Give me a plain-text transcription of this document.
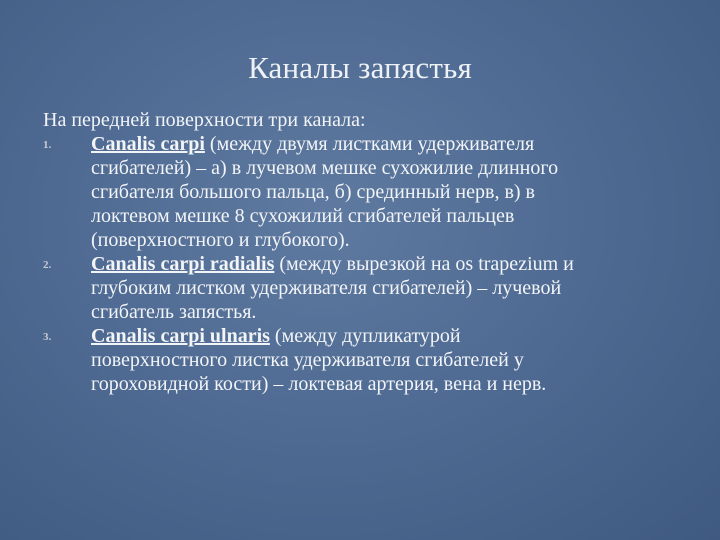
Каналы запястья
На передней поверхности три канала:
1. Canalis carpi (между двумя листками удерживателя
сгибателей) – а) в лучевом мешке сухожилие длинного
сгибателя большого пальца, б) срединный нерв, в) в
локтевом мешке 8 сухожилий сгибателей пальцев
(поверхностного и глубокого).
2. Canalis carpi radialis (между вырезкой на os trapezium и
глубоким листком удерживателя сгибателей) – лучевой
сгибатель запястья.
3. Canalis carpi ulnaris (между дупликатурой
поверхностного листка удерживателя сгибателей у
гороховидной кости) – локтевая артерия, вена и нерв.
